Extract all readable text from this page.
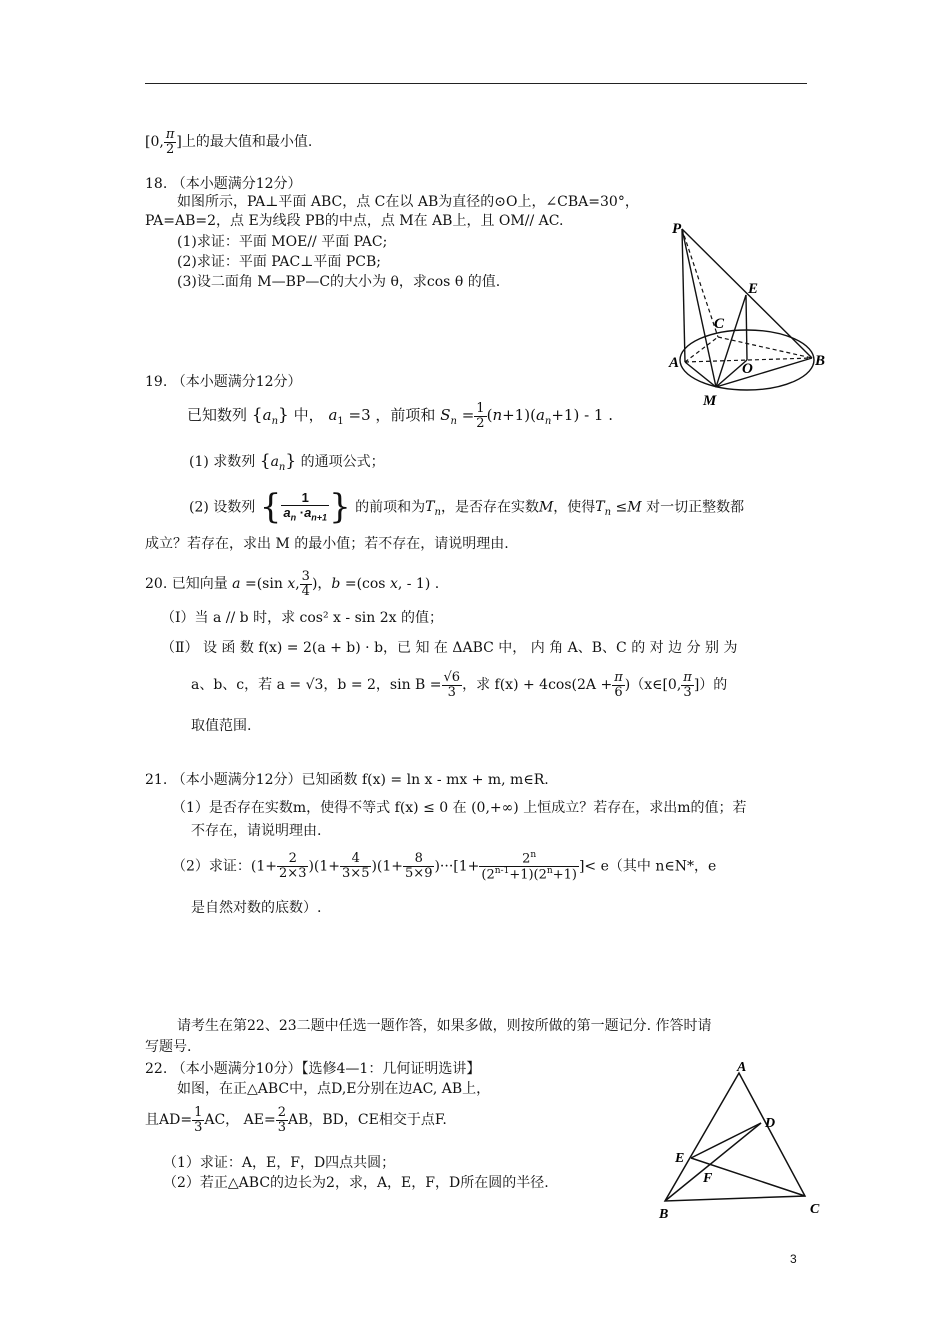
[0, $\frac{\pi}{2}$ ]上的最大值和最小值.
18. （本小题满分12分）
如图所示，PA⊥平面 ABC，点 C在以 AB为直径的⊙O上，∠CBA=30°，
PA=AB=2，点 E为线段 PB的中点，点 M在 AB上，且 OM// AC.
(1)求证：平面 MOE// 平面 PAC;
(2)求证：平面 PAC⊥平面 PCB;
(3)设二面角 M—BP—C的大小为 θ，求cos θ 的值.
P
E
C
A	O	B
M
19. （本小题满分12分）
已知数列 $\{a_n\}$ 中， $a_1 =3$ ，前项和 $S_n = \frac{1}{2} (n+1)(a_n+1) - 1$ .
(1) 求数列 $\{a_n\}$ 的通项公式；
(2) 设数列 { $\frac{1}{a_n \cdot a_{n+1}}$ } 的前项和为$T_n$，是否存在实数M，使得$T_n \le M$ 对一切正整数都
成立？若存在，求出 M 的最小值；若不存在，请说明理由.
20. 已知向量 a =(sin x, $\frac{3}{4}$ )，b =(cos x, - 1) .
（Ⅰ）当 a // b 时，求 cos² x - sin 2x 的值；
（Ⅱ） 设 函 数 f(x) = 2(a + b) · b，已 知 在 ΔABC 中， 内 角 A、B、C 的 对 边 分 别 为
a、b、c，若 a = √3，b = 2，$\sin B = \frac{√6}{3}$ ，求 $f(x) + 4\cos(2A + \frac{\pi}{6}$ )（x∈[0, $\frac{\pi}{3}$ ]）的
取值范围.
21. （本小题满分12分）已知函数 f(x) = ln x - mx + m, m∈R.
（1）是否存在实数m，使得不等式 f(x) ≤ 0 在 (0,+∞) 上恒成立？若存在，求出m的值；若
不存在，请说明理由.
（2）求证：$(1+ \frac{2}{2\times 3} )(1+ \frac{4}{3\times 5} )(1+ \frac{8}{5\times 9} )\cdot\cdot\cdot[1+ \frac{2^n}{(2^{n-1}+1)(2^n+1)}$ ]< e（其中 n∈N*，e
是自然对数的底数）.
请考生在第22、23二题中任选一题作答，如果多做，则按所做的第一题记分. 作答时请
写题号.
22. （本小题满分10分）【选修4—1：几何证明选讲】
如图，在正△ABC中，点D,E分别在边AC, AB上，
且$AD= \frac{1}{3}$ AC， $AE= \frac{2}{3}$ AB，BD，CE相交于点F.
（1）求证：A，E，F，D四点共圆；
（2）若正△ABC的边长为2，求，A，E，F，D所在圆的半径.
A
D
E
F
B	C
3
